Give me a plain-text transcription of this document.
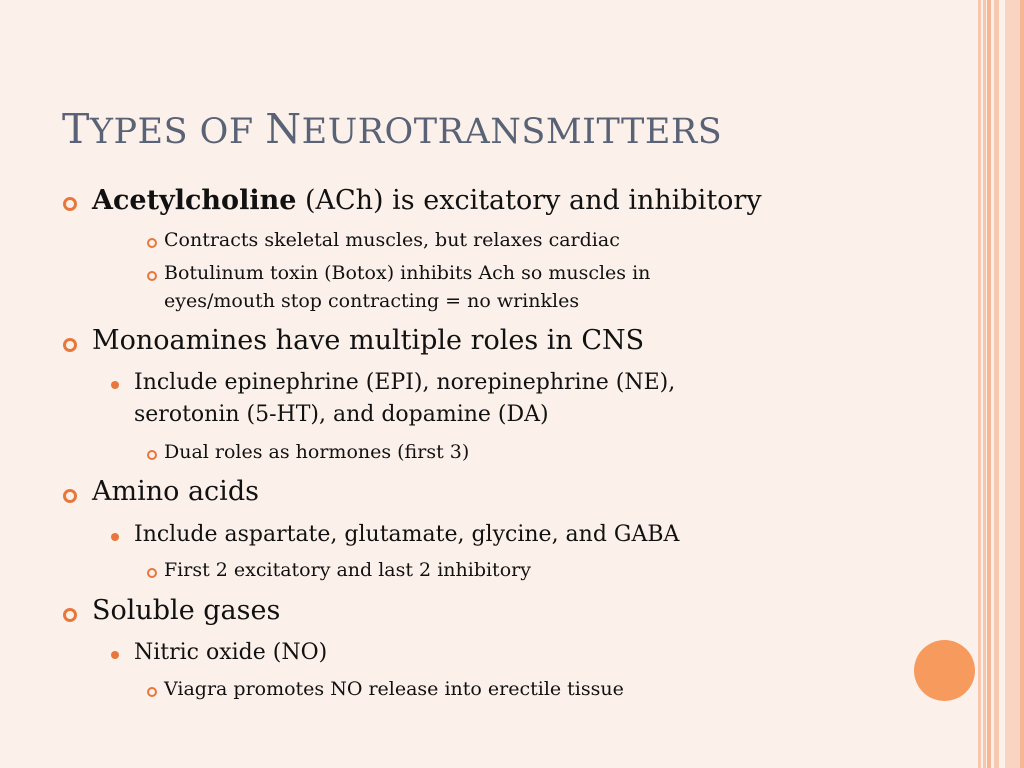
TYPES OF NEUROTRANSMITTERS
Acetylcholine (ACh) is excitatory and inhibitory
Contracts skeletal muscles, but relaxes cardiac
Botulinum toxin (Botox) inhibits Ach so muscles in
eyes/mouth stop contracting = no wrinkles
Monoamines have multiple roles in CNS
Include epinephrine (EPI), norepinephrine (NE),
serotonin (5-HT), and dopamine (DA)
Dual roles as hormones (first 3)
Amino acids
Include aspartate, glutamate, glycine, and GABA
First 2 excitatory and last 2 inhibitory
Soluble gases
Nitric oxide (NO)
Viagra promotes NO release into erectile tissue
